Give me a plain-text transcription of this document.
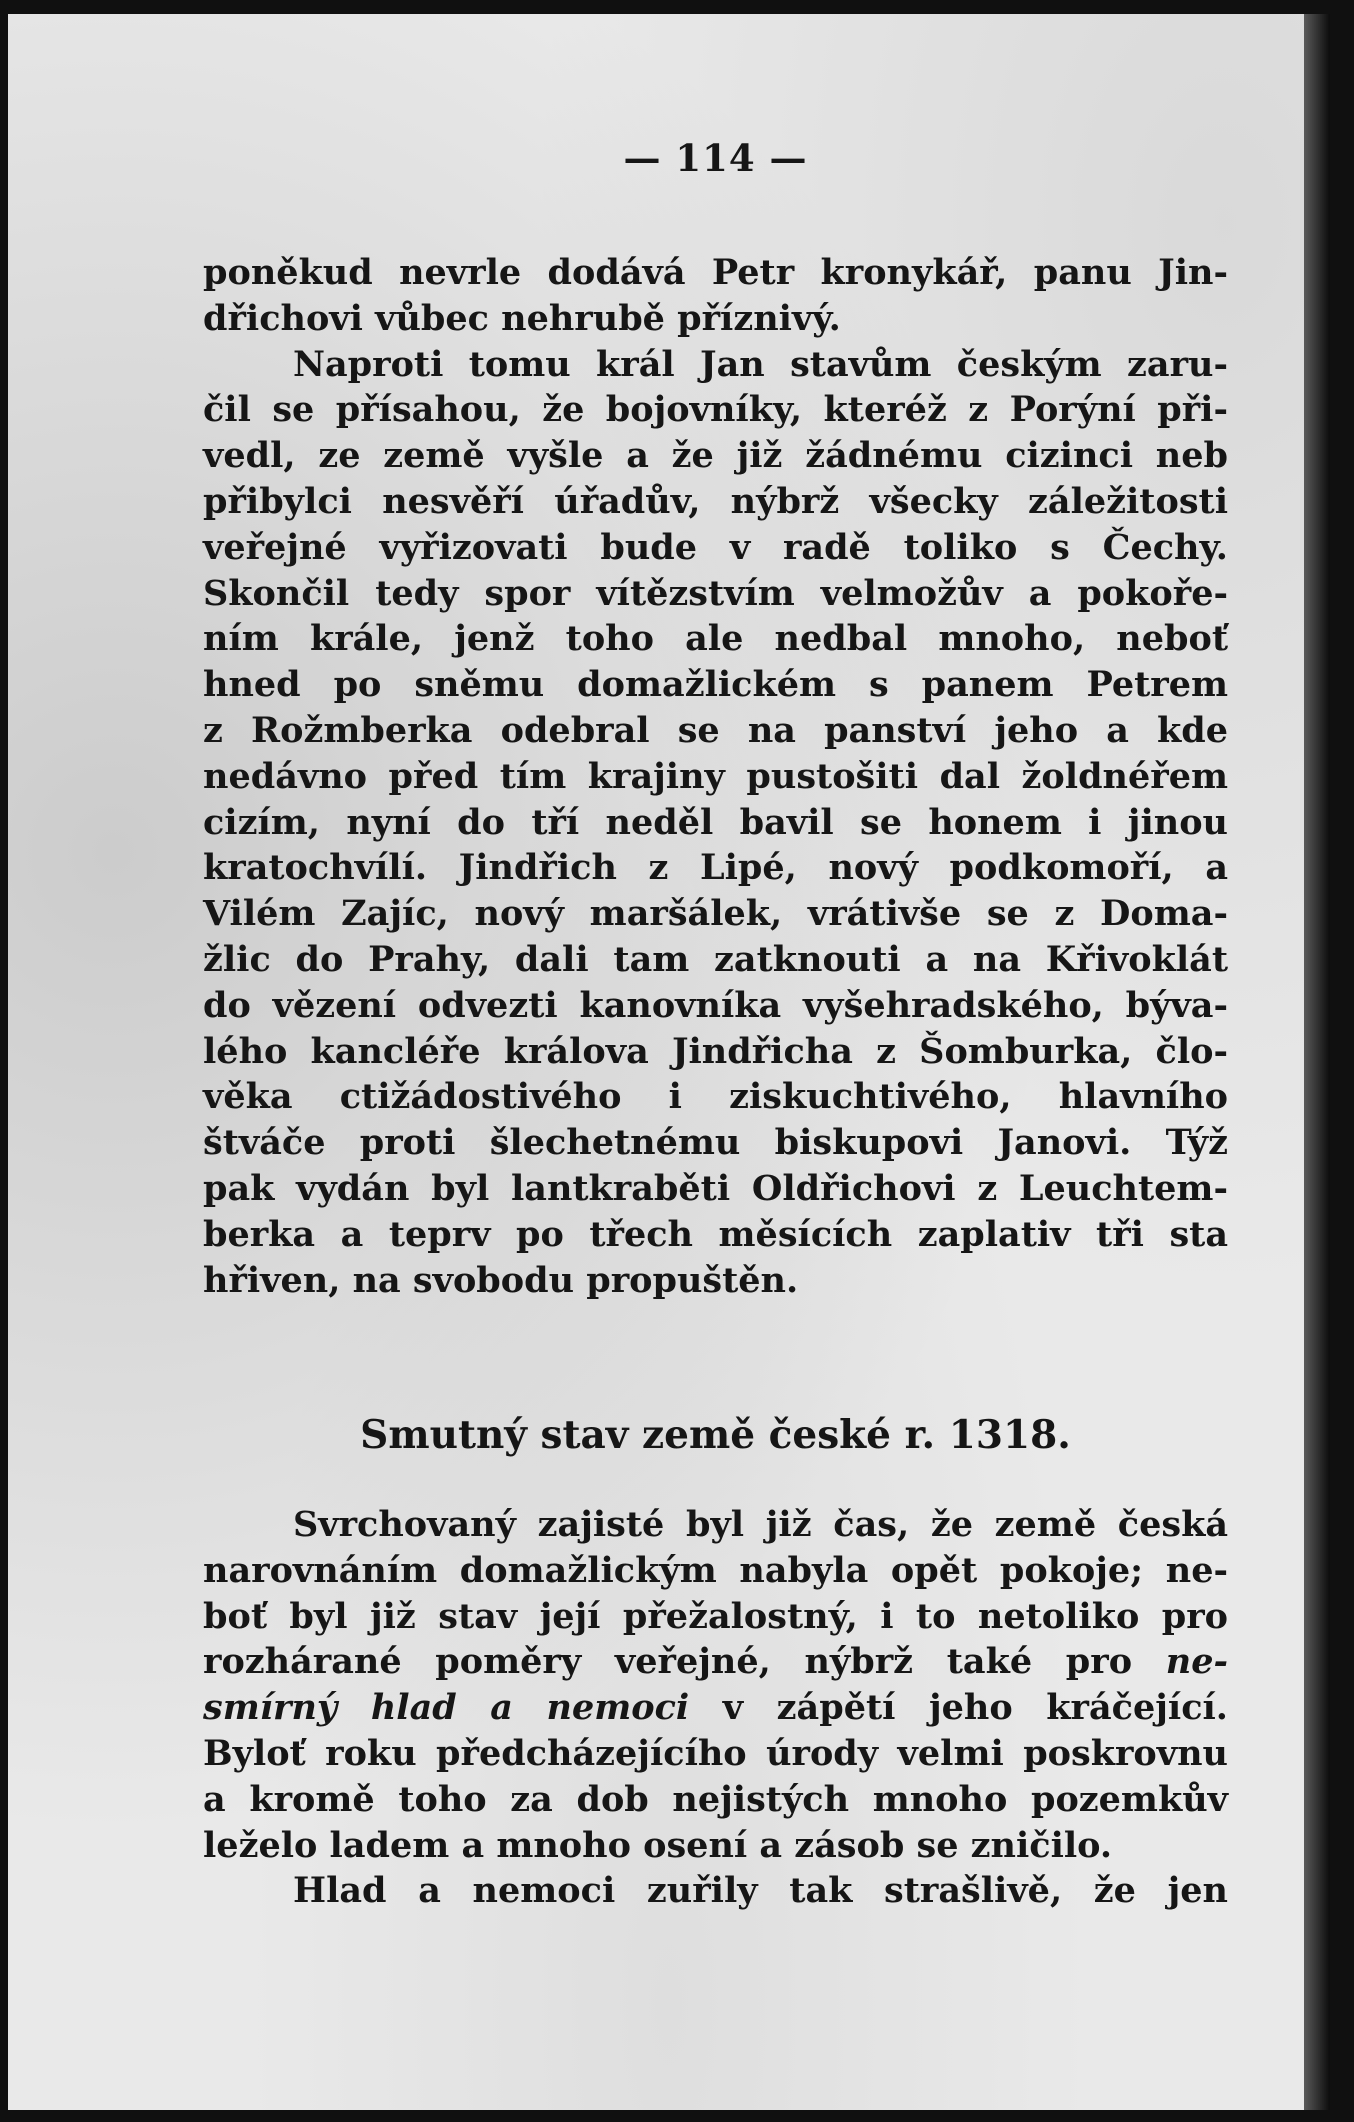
— 114 —
poněkud nevrle dodává Petr kronykář, panu Jin-
dřichovi vůbec nehrubě příznivý.
Naproti tomu král Jan stavům českým zaru-
čil se přísahou, že bojovníky, kteréž z Porýní při-
vedl, ze země vyšle a že již žádnému cizinci neb
přibylci nesvěří úřadův, nýbrž všecky záležitosti
veřejné vyřizovati bude v radě toliko s Čechy.
Skončil tedy spor vítězstvím velmožův a pokoře-
ním krále, jenž toho ale nedbal mnoho, neboť
hned po sněmu domažlickém s panem Petrem
z Rožmberka odebral se na panství jeho a kde
nedávno před tím krajiny pustošiti dal žoldnéřem
cizím, nyní do tří neděl bavil se honem i jinou
kratochvílí. Jindřich z Lipé, nový podkomoří, a
Vilém Zajíc, nový maršálek, vrátivše se z Doma-
žlic do Prahy, dali tam zatknouti a na Křivoklát
do vězení odvezti kanovníka vyšehradského, býva-
lého kancléře králova Jindřicha z Šomburka, člo-
věka ctižádostivého i ziskuchtivého, hlavního
štváče proti šlechetnému biskupovi Janovi. Týž
pak vydán byl lantkraběti Oldřichovi z Leuchtem-
berka a teprv po třech měsících zaplativ tři sta
hřiven, na svobodu propuštěn.
Smutný stav země české r. 1318.
Svrchovaný zajisté byl již čas, že země česká
narovnáním domažlickým nabyla opět pokoje; ne-
boť byl již stav její přežalostný, i to netoliko pro
rozhárané poměry veřejné, nýbrž také pro ne-
smírný hlad a nemoci v zápětí jeho kráčející.
Byloť roku předcházejícího úrody velmi poskrovnu
a kromě toho za dob nejistých mnoho pozemkův
leželo ladem a mnoho osení a zásob se zničilo.
Hlad a nemoci zuřily tak strašlivě, že jen
